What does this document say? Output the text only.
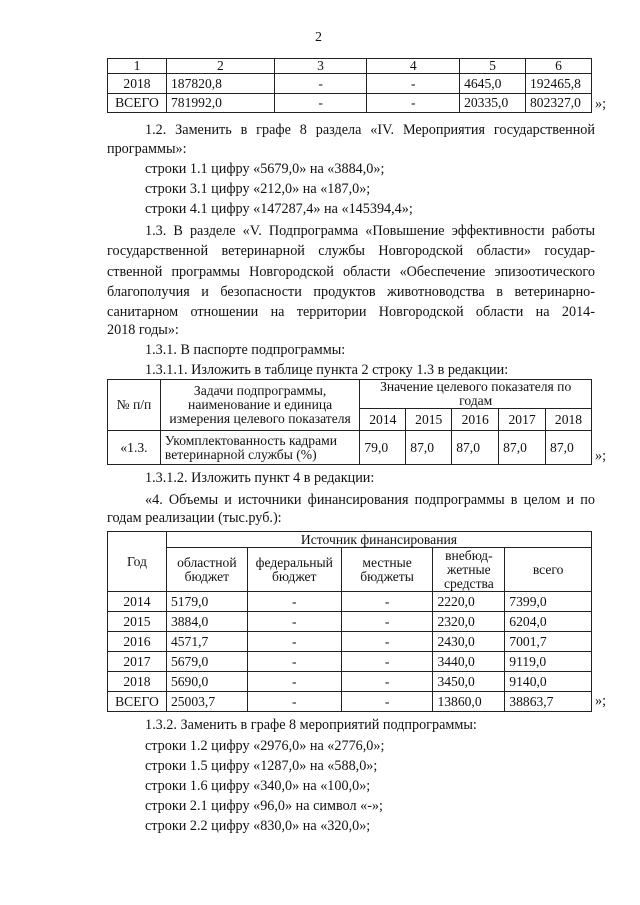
2
1	2	3	4	5	6
2018	187820,8	-	-	4645,0	192465,8
ВСЕГО	781992,0	-	-	20335,0	802327,0 »;
1.2. Заменить в графе 8 раздела «IV. Мероприятия государственной
программы»:
строки 1.1 цифру «5679,0» на «3884,0»;
строки 3.1 цифру «212,0» на «187,0»;
строки 4.1 цифру «147287,4» на «145394,4»;
1.3. В разделе «V. Подпрограмма «Повышение эффективности работы
государственной ветеринарной службы Новгородской области» государ-
ственной программы Новгородской области «Обеспечение эпизоотического
благополучия и безопасности продуктов животноводства в ветеринарно-
санитарном отношении на территории Новгородской области на 2014-
2018 годы»:
1.3.1. В паспорте подпрограммы:
1.3.1.1. Изложить в таблице пункта 2 строку 1.3 в редакции:
№ п/п	Задачи подпрограммы, наименование и единица измерения целевого показателя	Значение целевого показателя по годам				
		2014	2015	2016	2017	2018
«1.3.	Укомплектованность кадрами ветеринарной службы (%)	79,0	87,0	87,0	87,0	87,0
»;
1.3.1.2. Изложить пункт 4 в редакции:
«4. Объемы и источники финансирования подпрограммы в целом и по
годам реализации (тыс.руб.):
Год	Источник финансирования				
	областной бюджет	федеральный бюджет	местные бюджеты	внебюд-жетные средства	всего
2014	5179,0	-	-	2220,0	7399,0
2015	3884,0	-	-	2320,0	6204,0
2016	4571,7	-	-	2430,0	7001,7
2017	5679,0	-	-	3440,0	9119,0
2018	5690,0	-	-	3450,0	9140,0
ВСЕГО	25003,7	-	-	13860,0	38863,7	»;
1.3.2. Заменить в графе 8 мероприятий подпрограммы:
строки 1.2 цифру «2976,0» на «2776,0»;
строки 1.5 цифру «1287,0» на «588,0»;
строки 1.6 цифру «340,0» на «100,0»;
строки 2.1 цифру «96,0» на символ «-»;
строки 2.2 цифру «830,0» на «320,0»;
